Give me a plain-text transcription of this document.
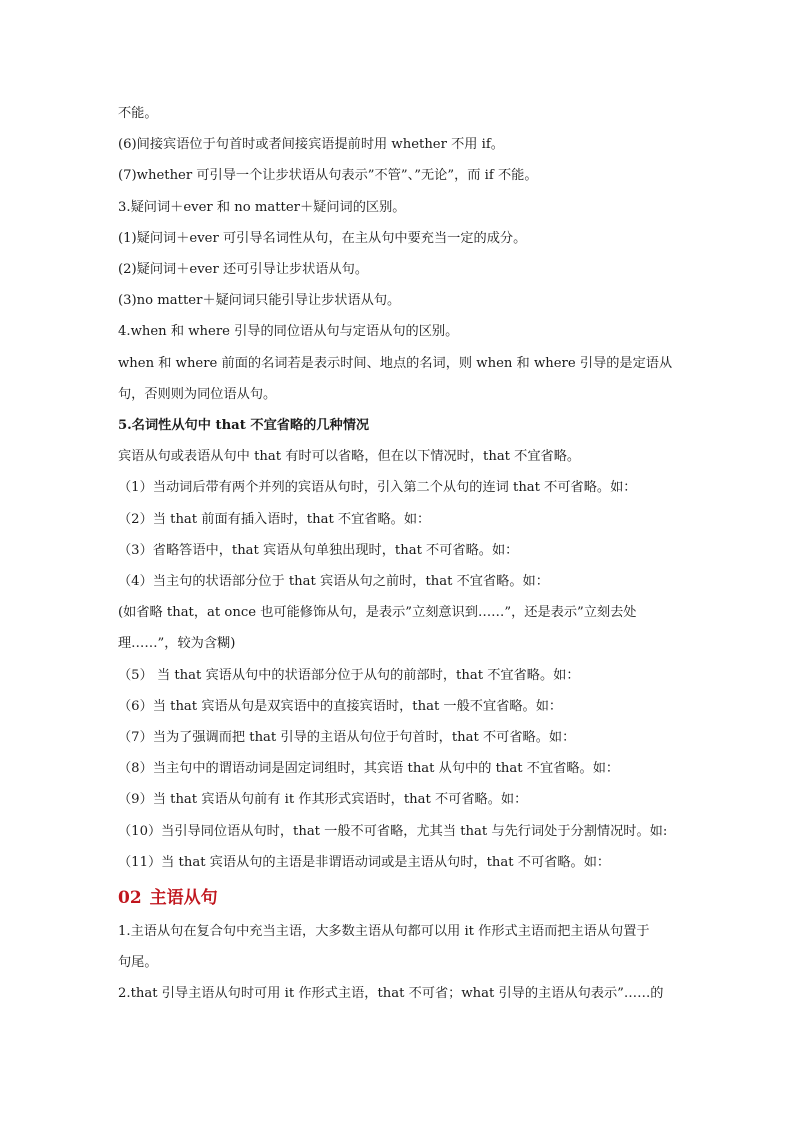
不能。
(6)间接宾语位于句首时或者间接宾语提前时用 whether 不用 if。
(7)whether 可引导一个让步状语从句表示”不管”、”无论”，而 if 不能。
3.疑问词＋ever 和 no matter＋疑问词的区别。
(1)疑问词＋ever 可引导名词性从句，在主从句中要充当一定的成分。
(2)疑问词＋ever 还可引导让步状语从句。
(3)no matter＋疑问词只能引导让步状语从句。
4.when 和 where 引导的同位语从句与定语从句的区别。
when 和 where 前面的名词若是表示时间、地点的名词，则 when 和 where 引导的是定语从
句，否则则为同位语从句。
5.名词性从句中 that 不宜省略的几种情况
宾语从句或表语从句中 that 有时可以省略，但在以下情况时，that 不宜省略。
（1）当动词后带有两个并列的宾语从句时，引入第二个从句的连词 that 不可省略。如：
（2）当 that 前面有插入语时，that 不宜省略。如：
（3）省略答语中，that 宾语从句单独出现时，that 不可省略。如：
（4）当主句的状语部分位于 that 宾语从句之前时，that 不宜省略。如：
(如省略 that，at once 也可能修饰从句，是表示”立刻意识到……”，还是表示”立刻去处
理……”，较为含糊)
（5） 当 that 宾语从句中的状语部分位于从句的前部时，that 不宜省略。如：
（6）当 that 宾语从句是双宾语中的直接宾语时，that 一般不宜省略。如：
（7）当为了强调而把 that 引导的主语从句位于句首时，that 不可省略。如：
（8）当主句中的谓语动词是固定词组时，其宾语 that 从句中的 that 不宜省略。如：
（9）当 that 宾语从句前有 it 作其形式宾语时，that 不可省略。如：
（10）当引导同位语从句时，that 一般不可省略，尤其当 that 与先行词处于分割情况时。如:
（11）当 that 宾语从句的主语是非谓语动词或是主语从句时，that 不可省略。如：
02 主语从句
1.主语从句在复合句中充当主语，大多数主语从句都可以用 it 作形式主语而把主语从句置于
句尾。
2.that 引导主语从句时可用 it 作形式主语，that 不可省；what 引导的主语从句表示”……的
